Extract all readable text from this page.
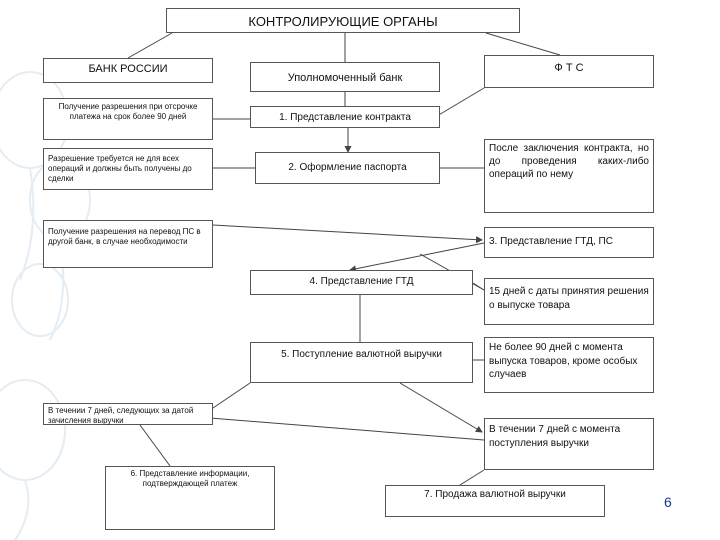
КОНТРОЛИРУЮЩИЕ ОРГАНЫ
БАНК РОССИИ
Уполномоченный банк
Ф Т С
Получение разрешения при отсрочке платежа на срок более 90 дней
Разрешение требуется не для всех операций и должны быть получены до сделки
Получение разрешения на перевод ПС в другой банк, в случае необходимости
В течении 7 дней, следующих за датой зачисления выручки
6. Представление информации, подтверждающей платеж
1. Представление контракта
2. Оформление паспорта
4. Представление ГТД
5. Поступление валютной выручки
7. Продажа валютной выручки
После заключения контракта, но до проведения каких-либо операций по нему
3. Представление ГТД, ПС
15 дней с даты принятия решения о выпуске товара
Не более 90 дней с момента выпуска товаров, кроме особых случаев
В течении 7 дней с момента поступления выручки
6
